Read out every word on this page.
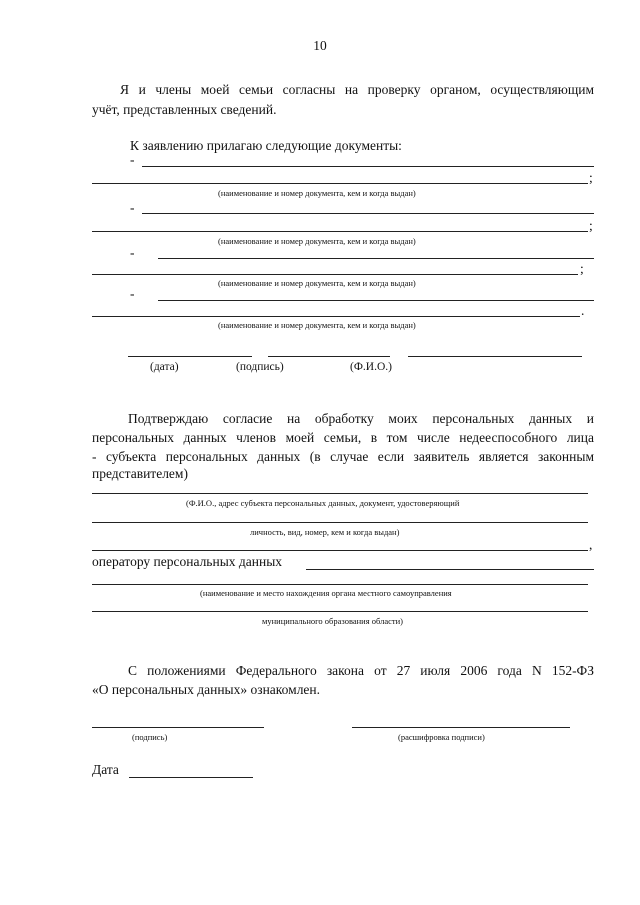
10
Я и члены моей семьи согласны на проверку органом, осуществляющим
учёт, представленных сведений.
К заявлению прилагаю следующие документы:
-
;
(наименование и номер документа, кем и когда выдан)
-
;
(наименование и номер документа, кем и когда выдан)
-
;
(наименование и номер документа, кем и когда выдан)
-
.
(наименование и номер документа, кем и когда выдан)
(дата)	(подпись)	(Ф.И.О.)
Подтверждаю согласие на обработку моих персональных данных и
персональных данных членов моей семьи, в том числе недееспособного лица
- субъекта персональных данных (в случае если заявитель является законным
представителем)
(Ф.И.О., адрес субъекта персональных данных, документ, удостоверяющий
личность, вид, номер, кем и когда выдан)
,
оператору персональных данных
(наименование и место нахождения органа местного самоуправления
муниципального образования области)
С положениями Федерального закона от 27 июля 2006 года N 152-ФЗ
«О персональных данных» ознакомлен.
(подпись)	(расшифровка подписи)
Дата
